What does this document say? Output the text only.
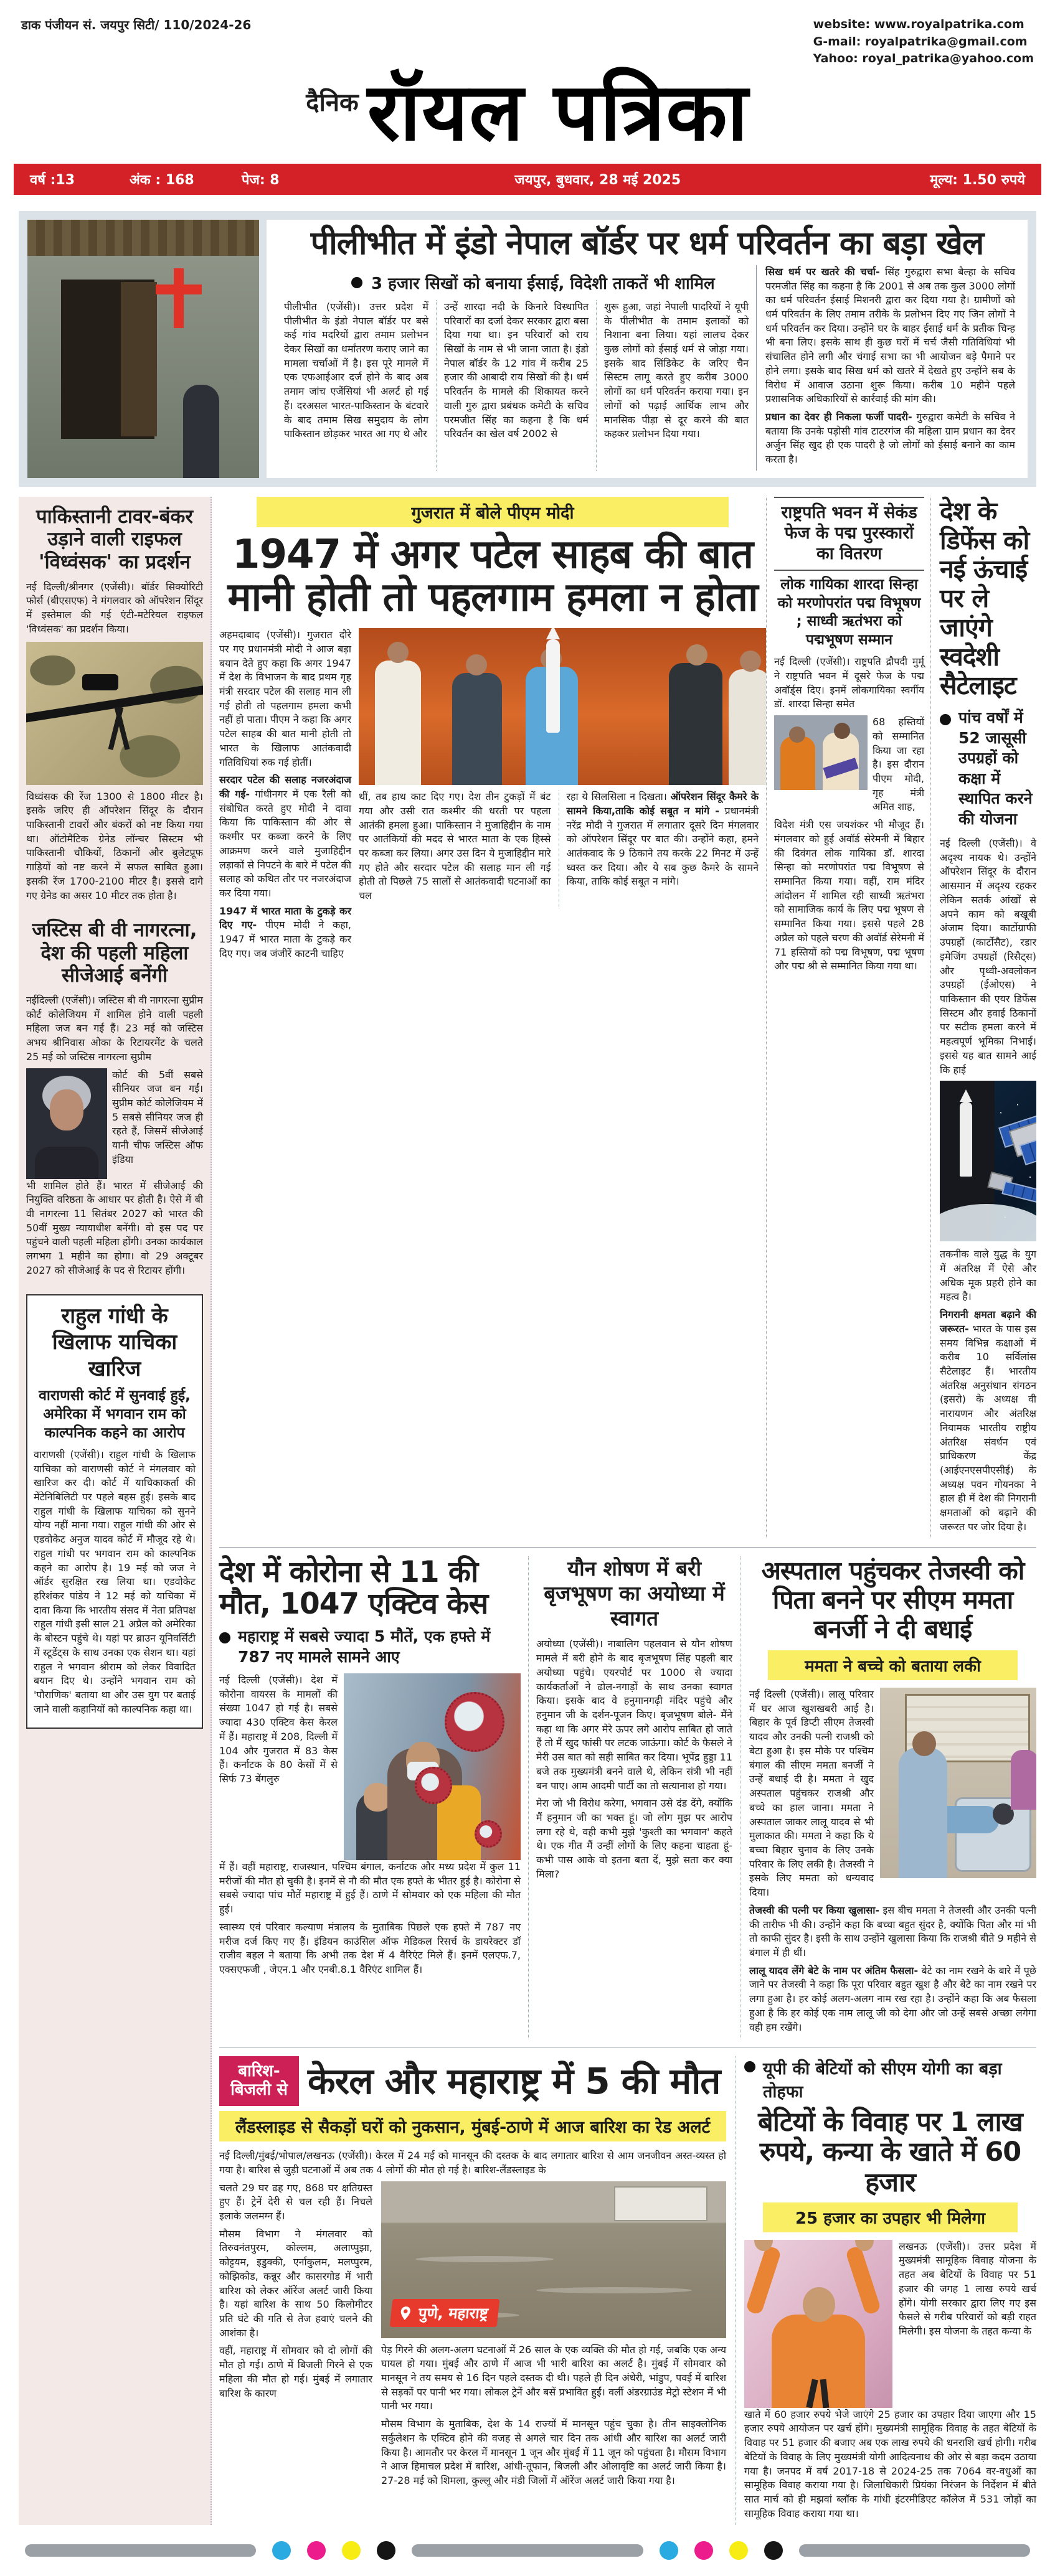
डाक पंजीयन सं. जयपुर सिटी/ 110/2024-26	website: www.royalpatrika.com
G-mail: royalpatrika@gmail.com
Yahoo: royal_patrika@yahoo.com
दैनिक रॉयल पत्रिका
वर्ष :13	अंक : 168	पेज: 8	जयपुर, बुधवार, 28 मई 2025	मूल्य: 1.50 रुपये
पीलीभीत में इंडो नेपाल बॉर्डर पर धर्म परिवर्तन का बड़ा खेल
3 हजार सिखों को बनाया ईसाई, विदेशी ताकतें भी शामिल

पीलीभीत (एजेंसी)। उत्तर प्रदेश में पीलीभीत के इंडो नेपाल बॉर्डर पर बसे कई गांव मदरियों द्वारा तमाम प्रलोभन देकर सिखों का धर्मांतरण कराए जाने का मामला चर्चाओं में है। इस पूरे मामले में एक एफआईआर दर्ज होने के बाद अब तमाम जांच एजेंसियां भी अलर्ट हो गई हैं। दरअसल भारत-पाकिस्तान के बंटवारे के बाद तमाम सिख समुदाय के लोग पाकिस्तान छोड़कर भारत आ गए थे और

उन्हें शारदा नदी के किनारे विस्थापित परिवारों का दर्जा देकर सरकार द्वारा बसा दिया गया था। इन परिवारों को राय सिखों के नाम से भी जाना जाता है। इंडो नेपाल बॉर्डर के 12 गांव में करीब 25 हजार की आबादी राय सिखों की है। धर्म परिवर्तन के मामले की शिकायत करने वाली गुरु द्वारा प्रबंधक कमेटी के सचिव परमजीत सिंह का कहना है कि धर्म परिवर्तन का खेल वर्ष 2002 से

शुरू हुआ, जहां नेपाली पादरियों ने यूपी के पीलीभीत के तमाम इलाकों को निशाना बना लिया। यहां लालच देकर कुछ लोगों को ईसाई धर्म से जोड़ा गया। इसके बाद सिंडिकेट के जरिए चैन सिस्टम लागू करते हुए करीब 3000 लोगों का धर्म परिवर्तन कराया गया। इन लोगों को पढ़ाई आर्थिक लाभ और मानसिक पीड़ा से दूर करने की बात कहकर प्रलोभन दिया गया।

सिख धर्म पर खतरे की चर्चा- सिंह गुरुद्वारा सभा बैल्हा के सचिव परमजीत सिंह का कहना है कि 2001 से अब तक कुल 3000 लोगों का धर्म परिवर्तन ईसाई मिशनरी द्वारा कर दिया गया है। ग्रामीणों को धर्म परिवर्तन के लिए तमाम तरीके के प्रलोभन दिए गए जिन लोगों ने धर्म परिवर्तन कर दिया। उन्होंने घर के बाहर ईसाई धर्म के प्रतीक चिन्ह भी बना लिए। इसके साथ ही कुछ घरों में चर्च जैसी गतिविधियां भी संचालित होने लगी और चंगाई सभा का भी आयोजन बड़े पैमाने पर होने लगा। इसके बाद सिख धर्म को खतरे में देखते हुए उन्होंने सब के विरोध में आवाज उठाना शुरू किया। करीब 10 महीने पहले प्रशासनिक अधिकारियों से कार्रवाई की मांग की।

प्रधान का देवर ही निकला फर्जी पादरी- गुरुद्वारा कमेटी के सचिव ने बताया कि उनके पड़ोसी गांव टाटरगंज की महिला ग्राम प्रधान का देवर अर्जुन सिंह खुद ही एक पादरी है जो लोगों को ईसाई बनाने का काम करता है।

पाकिस्तानी टावर-बंकर उड़ाने वाली राइफल 'विध्वंसक' का प्रदर्शन

नई दिल्ली/श्रीनगर (एजेंसी)। बॉर्डर सिक्योरिटी फोर्स (बीएसएफ) ने मंगलवार को ऑपरेशन सिंदूर में इस्तेमाल की गई एंटी-मटेरियल राइफल 'विध्वंसक' का प्रदर्शन किया।

विध्वंसक की रेंज 1300 से 1800 मीटर है। इसके जरिए ही ऑपरेशन सिंदूर के दौरान पाकिस्तानी टावरों और बंकरों को नष्ट किया गया था। ऑटोमैटिक ग्रेनेड लॉन्चर सिस्टम भी पाकिस्तानी चौकियों, ठिकानों और बुलेटप्रूफ गाड़ियों को नष्ट करने में सफल साबित हुआ। इसकी रेंज 1700-2100 मीटर है। इससे दागे गए ग्रेनेड का असर 10 मीटर तक होता है।

जस्टिस बी वी नागरत्ना, देश की पहली महिला सीजेआई बनेंगी

नईदिल्ली (एजेंसी)। जस्टिस बी वी नागरत्ना सुप्रीम कोर्ट कोलेजियम में शामिल होने वाली पहली महिला जज बन गई हैं। 23 मई को जस्टिस अभय श्रीनिवास ओका के रिटायरमेंट के चलते 25 मई को जस्टिस नागरत्ना सुप्रीम

कोर्ट की 5वीं सबसे सीनियर जज बन गईं। सुप्रीम कोर्ट कोलेजियम में 5 सबसे सीनियर जज ही रहते हैं, जिसमें सीजेआई यानी चीफ जस्टिस ऑफ इंडिया

भी शामिल होते हैं। भारत में सीजेआई की नियुक्ति वरिष्ठता के आधार पर होती है। ऐसे में बी वी नागरत्ना 11 सितंबर 2027 को भारत की 50वीं मुख्य न्यायाधीश बनेंगी। वो इस पद पर पहुंचने वाली पहली महिला होंगी। उनका कार्यकाल लगभग 1 महीने का होगा। वो 29 अक्टूबर 2027 को सीजेआई के पद से रिटायर होंगी।

राहुल गांधी के खिलाफ याचिका खारिज
वाराणसी कोर्ट में सुनवाई हुई, अमेरिका में भगवान राम को काल्पनिक कहने का आरोप

वाराणसी (एजेंसी)। राहुल गांधी के खिलाफ याचिका को वाराणसी कोर्ट ने मंगलवार को खारिज कर दी। कोर्ट में याचिकाकर्ता की मेंटेनिबिलिटी पर पहले बहस हुई। इसके बाद राहुल गांधी के खिलाफ याचिका को सुनने योग्य नहीं माना गया। राहुल गांधी की ओर से एडवोकेट अनुज यादव कोर्ट में मौजूद रहे थे। राहुल गांधी पर भगवान राम को काल्पनिक कहने का आरोप है। 19 मई को जज ने ऑर्डर सुरक्षित रख लिया था। एडवोकेट हरिशंकर पांडेय ने 12 मई को याचिका में दावा किया कि भारतीय संसद में नेता प्रतिपक्ष राहुल गांधी इसी साल 21 अप्रैल को अमेरिका के बोस्टन पहुंचे थे। यहां पर ब्राउन यूनिवर्सिटी में स्टूडेंट्स के साथ उनका एक सेशन था। यहां राहुल ने भगवान श्रीराम को लेकर विवादित बयान दिए थे। उन्होंने भगवान राम को 'पौराणिक' बताया था और उस युग पर बताई जाने वाली कहानियों को काल्पनिक कहा था।

गुजरात में बोले पीएम मोदी
1947 में अगर पटेल साहब की बात मानी होती तो पहलगाम हमला न होता

अहमदाबाद (एजेंसी)। गुजरात दौरे पर गए प्रधानमंत्री मोदी ने आज बड़ा बयान देते हुए कहा कि अगर 1947 में देश के विभाजन के बाद प्रथम गृह मंत्री सरदार पटेल की सलाह मान ली गई होती तो पहलगाम हमला कभी नहीं हो पाता। पीएम ने कहा कि अगर पटेल साहब की बात मानी होती तो भारत के खिलाफ आतंकवादी गतिविधियां रुक गई होतीं।

सरदार पटेल की सलाह नजरअंदाज की गई- गांधीनगर में एक रैली को संबोधित करते हुए मोदी ने दावा किया कि पाकिस्तान की ओर से कश्मीर पर कब्जा करने के लिए आक्रमण करने वाले मुजाहिद्दीन लड़ाकों से निपटने के बारे में पटेल की सलाह को कथित तौर पर नजरअंदाज कर दिया गया।

1947 में भारत माता के टुकड़े कर दिए गए- पीएम मोदी ने कहा, 1947 में भारत माता के टुकड़े कर दिए गए। जब जंजीरें काटनी चाहिए

थीं, तब हाथ काट दिए गए। देश तीन टुकड़ों में बंट गया और उसी रात कश्मीर की धरती पर पहला आतंकी हमला हुआ। पाकिस्तान ने मुजाहिद्दीन के नाम पर आतंकियों की मदद से भारत माता के एक हिस्से पर कब्जा कर लिया। अगर उस दिन ये मुजाहिद्दीन मारे गए होते और सरदार पटेल की सलाह मान ली गई होती तो पिछले 75 सालों से आतंकवादी घटनाओं का चल

रहा ये सिलसिला न दिखता। ऑपरेशन सिंदूर कैमरे के सामने किया,ताकि कोई सबूत न मांगे - प्रधानमंत्री नरेंद्र मोदी ने गुजरात में लगातार दूसरे दिन मंगलवार को ऑपरेशन सिंदूर पर बात की। उन्होंने कहा, हमने आतंकवाद के 9 ठिकाने तय करके 22 मिनट में उन्हें ध्वस्त कर दिया। और ये सब कुछ कैमरे के सामने किया, ताकि कोई सबूत न मांगे।

राष्ट्रपति भवन में सेकंड फेज के पद्म पुरस्कारों का वितरण
लोक गायिका शारदा सिन्हा को मरणोपरांत पद्म विभूषण ; साध्वी ऋतंभरा को पद्मभूषण सम्मान

नई दिल्ली (एजेंसी)। राष्ट्रपति द्रौपदी मुर्मू ने राष्ट्रपति भवन में दूसरे फेज के पद्म अवॉर्ड्स दिए। इनमें लोकगायिका स्वर्गीय डॉ. शारदा सिन्हा समेत

68 हस्तियों को सम्मानित किया जा रहा है। इस दौरान पीएम मोदी, गृह मंत्री अमित शाह,

विदेश मंत्री एस जयशंकर भी मौजूद हैं। मंगलवार को हुई अवॉर्ड सेरेमनी में बिहार की दिवंगत लोक गायिका डॉ. शारदा सिन्हा को मरणोपरांत पद्म विभूषण से सम्मानित किया गया। वहीं, राम मंदिर आंदोलन में शामिल रही साध्वी ऋतंभरा को सामाजिक कार्य के लिए पद्म भूषण से सम्मानित किया गया। इससे पहले 28 अप्रैल को पहले चरण की अवॉर्ड सेरेमनी में 71 हस्तियों को पद्म विभूषण, पद्म भूषण और पद्म श्री से सम्मानित किया गया था।

देश के डिफेंस को नई ऊंचाई पर ले जाएंगे स्वदेशी सैटेलाइट
पांच वर्षों में 52 जासूसी उपग्रहों को कक्षा में स्थापित करने की योजना

नई दिल्ली (एजेंसी)। वे अदृश्य नायक थे। उन्होंने ऑपरेशन सिंदूर के दौरान आसमान में अदृश्य रहकर लेकिन सतर्क आंखों से अपने काम को बखूबी अंजाम दिया। कार्टोग्राफी उपग्रहों (कार्टोसैट), रडार इमेजिंग उपग्रहों (रिसैट्स) और पृथ्वी-अवलोकन उपग्रहों (ईओएस) ने पाकिस्तान की एयर डिफेंस सिस्टम और हवाई ठिकानों पर सटीक हमला करने में महत्वपूर्ण भूमिका निभाई। इससे यह बात सामने आई कि हाई

तकनीक वाले युद्ध के युग में अंतरिक्ष में ऐसे और अधिक मूक प्रहरी होने का महत्व है।

निगरानी क्षमता बढ़ाने की जरूरत- भारत के पास इस समय विभिन्न कक्षाओं में करीब 10 सर्विलांस सैटेलाइट हैं। भारतीय अंतरिक्ष अनुसंधान संगठन (इसरो) के अध्यक्ष वी नारायणन और अंतरिक्ष नियामक भारतीय राष्ट्रीय अंतरिक्ष संवर्धन एवं प्राधिकरण केंद्र (आईएनएसपीएसीई) के अध्यक्ष पवन गोयनका ने हाल ही में देश की निगरानी क्षमताओं को बढ़ाने की जरूरत पर जोर दिया है।

देश में कोरोना से 11 की मौत, 1047 एक्टिव केस
महाराष्ट्र में सबसे ज्यादा 5 मौतें, एक हफ्ते में 787 नए मामले सामने आए

नई दिल्ली (एजेंसी)। देश में कोरोना वायरस के मामलों की संख्या 1047 हो गई है। सबसे ज्यादा 430 एक्टिव केस केरल में हैं। महाराष्ट्र में 208, दिल्ली में 104 और गुजरात में 83 केस हैं। कर्नाटक के 80 केसों में से सिर्फ 73 बेंगलुरु

में हैं। वहीं महाराष्ट्र, राजस्थान, पश्चिम बंगाल, कर्नाटक और मध्य प्रदेश में कुल 11 मरीजों की मौत हो चुकी है। इनमें से नौ की मौत एक हफ्ते के भीतर हुई है। कोरोना से सबसे ज्यादा पांच मौतें महाराष्ट्र में हुई हैं। ठाणे में सोमवार को एक महिला की मौत हुई।

स्वास्थ्य एवं परिवार कल्याण मंत्रालय के मुताबिक पिछले एक हफ्ते में 787 नए मरीज दर्ज किए गए हैं। इंडियन काउंसिल ऑफ मेडिकल रिसर्च के डायरेक्टर डॉ राजीव बहल ने बताया कि अभी तक देश में 4 वैरिएंट मिले हैं। इनमें एलएफ.7, एक्सएफजी , जेएन.1 और एनबी.8.1 वैरिएंट शामिल हैं।

यौन शोषण में बरी बृजभूषण का अयोध्या में स्वागत

अयोध्या (एजेंसी)। नाबालिग पहलवान से यौन शोषण मामले में बरी होने के बाद बृजभूषण सिंह पहली बार अयोध्या पहुंचे। एयरपोर्ट पर 1000 से ज्यादा कार्यकर्ताओं ने ढोल-नगाड़ों के साथ उनका स्वागत किया। इसके बाद वे हनुमानगढ़ी मंदिर पहुंचे और हनुमान जी के दर्शन-पूजन किए। बृजभूषण बोले- मैंने कहा था कि अगर मेरे ऊपर लगे आरोप साबित हो जाते हैं तो मैं खुद फांसी पर लटक जाऊंगा। कोर्ट के फैसले ने मेरी उस बात को सही साबित कर दिया। भूपेंद्र हुड्डा 11 बजे तक मुख्यमंत्री बनने वाले थे, लेकिन संत्री भी नहीं बन पाए। आम आदमी पार्टी का तो सत्यानाश हो गया।

मेरा जो भी विरोध करेगा, भगवान उसे दंड देंगे, क्योंकि मैं हनुमान जी का भक्त हूं। जो लोग मुझ पर आरोप लगा रहे थे, वही कभी मुझे 'कुश्ती का भगवान' कहते थे। एक गीत मैं उन्हीं लोगों के लिए कहना चाहता हूं- कभी पास आके वो इतना बता दें, मुझे सता कर क्या मिला?

अस्पताल पहुंचकर तेजस्वी को पिता बनने पर सीएम ममता बनर्जी ने दी बधाई
ममता ने बच्चे को बताया लकी

नई दिल्ली (एजेंसी)। लालू परिवार में घर आज खुशखबरी आई है। बिहार के पूर्व डिप्टी सीएम तेजस्वी यादव और उनकी पत्नी राजश्री को बेटा हुआ है। इस मौके पर पश्चिम बंगाल की सीएम ममता बनर्जी ने उन्हें बधाई दी है। ममता ने खुद अस्पताल पहुंचकर राजश्री और बच्चे का हाल जाना। ममता ने अस्पताल जाकर लालू यादव से भी मुलाकात की। ममता ने कहा कि ये बच्चा बिहार चुनाव के लिए उनके परिवार के लिए लकी है। तेजस्वी ने इसके लिए ममता को धन्यवाद दिया।

तेजस्वी की पत्नी पर किया खुलासा- इस बीच ममता ने तेजस्वी और उनकी पत्नी की तारीफ भी की। उन्होंने कहा कि बच्चा बहुत सुंदर है, क्योंकि पिता और मां भी तो काफी सुंदर है। इसी के साथ उन्होंने खुलासा किया कि राजश्री बीते 9 महीने से बंगाल में ही थीं।

लालू यादव लेंगे बेटे के नाम पर अंतिम फैसला- बेटे का नाम रखने के बारे में पूछे जाने पर तेजस्वी ने कहा कि पूरा परिवार बहुत खुश है और बेटे का नाम रखने पर लगा हुआ है। हर कोई अलग-अलग नाम रख रहा है। उन्होंने कहा कि अब फैसला हुआ है कि हर कोई एक नाम लालू जी को देगा और जो उन्हें सबसे अच्छा लगेगा वही हम रखेंगे।

बारिश-बिजली से केरल और महाराष्ट्र में 5 की मौत
लैंडस्लाइड से सैकड़ों घरों को नुकसान, मुंबई-ठाणे में आज बारिश का रेड अलर्ट

नई दिल्ली/मुंबई/भोपाल/लखनऊ (एजेंसी)। केरल में 24 मई को मानसून की दस्तक के बाद लगातार बारिश से आम जनजीवन अस्त-व्यस्त हो गया है। बारिश से जुड़ी घटनाओं में अब तक 4 लोगों की मौत हो गई है। बारिश-लैंडस्लाइड के

चलते 29 घर ढह गए, 868 घर क्षतिग्रस्त हुए हैं। ट्रेनें देरी से चल रही हैं। निचले इलाके जलमग्न हैं।

मौसम विभाग ने मंगलवार को तिरुवनंतपुरम, कोल्लम, अलाप्पुझा, कोट्टयम, इडुक्की, एर्नाकुलम, मलप्पुरम, कोझिकोड, कन्नूर और कासरगोड में भारी बारिश को लेकर ऑरेंज अलर्ट जारी किया है। यहां बारिश के साथ 50 किलोमीटर प्रति घंटे की गति से तेज हवाएं चलने की आशंका है।

वहीं, महाराष्ट्र में सोमवार को दो लोगों की मौत हो गई। ठाणे में बिजली गिरने से एक महिला की मौत हो गई। मुंबई में लगातार बारिश के कारण

पुणे, महाराष्ट्र

पेड़ गिरने की अलग-अलग घटनाओं में 26 साल के एक व्यक्ति की मौत हो गई, जबकि एक अन्य घायल हो गया। मुंबई और ठाणे में आज भी भारी बारिश का अलर्ट है। मुंबई में सोमवार को मानसून ने तय समय से 16 दिन पहले दस्तक दी थी। पहले ही दिन अंधेरी, भांडुप, पवई में बारिश से सड़कों पर पानी भर गया। लोकल ट्रेनें और बसें प्रभावित हुईं। वर्ली अंडरग्राउंड मेट्रो स्टेशन में भी पानी भर गया।

मौसम विभाग के मुताबिक, देश के 14 राज्यों में मानसून पहुंच चुका है। तीन साइक्लोनिक सर्कुलेशन के एक्टिव होने की वजह से अगले चार दिन तक आंधी और बारिश का अलर्ट जारी किया है। आमतौर पर केरल में मानसून 1 जून और मुंबई में 11 जून को पहुंचता है। मौसम विभाग ने आज हिमाचल प्रदेश में बारिश, आंधी-तूफान, बिजली और ओलावृष्टि का अलर्ट जारी किया है। 27-28 मई को शिमला, कुल्लू और मंडी जिलों में ऑरेंज अलर्ट जारी किया गया है।

यूपी की बेटियों को सीएम योगी का बड़ा तोहफा
बेटियों के विवाह पर 1 लाख रुपये, कन्या के खाते में 60 हजार
25 हजार का उपहार भी मिलेगा

लखनऊ (एजेंसी)। उत्तर प्रदेश में मुख्यमंत्री सामूहिक विवाह योजना के तहत अब बेटियों के विवाह पर 51 हजार की जगह 1 लाख रुपये खर्च होंगे। योगी सरकार द्वारा लिए गए इस फैसले से गरीब परिवारों को बड़ी राहत मिलेगी। इस योजना के तहत कन्या के

खाते में 60 हजार रुपये भेजे जाएंगे 25 हजार का उपहार दिया जाएगा और 15 हजार रुपये आयोजन पर खर्च होंगे। मुख्यमंत्री सामूहिक विवाह के तहत बेटियों के विवाह पर 51 हजार की बजाए अब एक लाख रुपये की धनराशि खर्च होगी। गरीब बेटियों के विवाह के लिए मुख्यमंत्री योगी आदित्यनाथ की ओर से बड़ा कदम उठाया गया है। जनपद में वर्ष 2017-18 से 2024-25 तक 7064 वर-वधुओं का सामूहिक विवाह कराया गया है। जिलाधिकारी प्रियंका निरंजन के निर्देशन में बीते सात मार्च को ही मझवां ब्लॉक के गांधी इंटरमीडिएट कॉलेज में 531 जोड़ों का सामूहिक विवाह कराया गया था।
